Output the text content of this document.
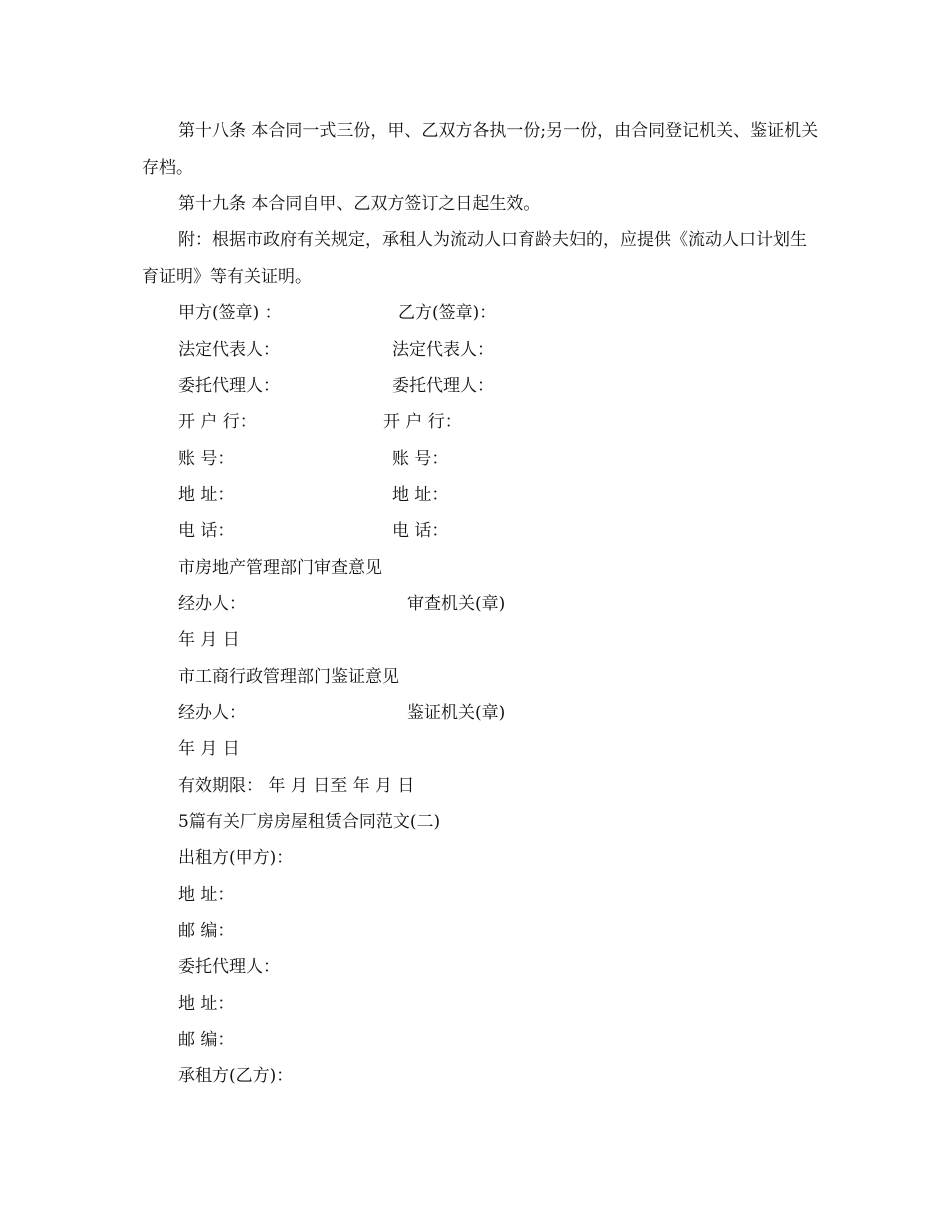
第十八条 本合同一式三份，甲、乙双方各执一份;另一份，由合同登记机关、鉴证机关存档。
第十九条 本合同自甲、乙双方签订之日起生效。
附：根据市政府有关规定，承租人为流动人口育龄夫妇的，应提供《流动人口计划生育证明》等有关证明。
甲方(签章) ：	乙方(签章)：
法定代表人：	法定代表人：
委托代理人：	委托代理人：
开 户 行：	开 户 行：
账 号：	账 号：
地 址：	地 址：
电 话：	电 话：
市房地产管理部门审查意见
经办人：	审查机关(章)
年 月 日
市工商行政管理部门鉴证意见
经办人：	鉴证机关(章)
年 月 日
有效期限： 年 月 日至 年 月 日
5篇有关厂房房屋租赁合同范文(二)
出租方(甲方)：
地 址：
邮 编：
委托代理人：
地 址：
邮 编：
承租方(乙方)：
